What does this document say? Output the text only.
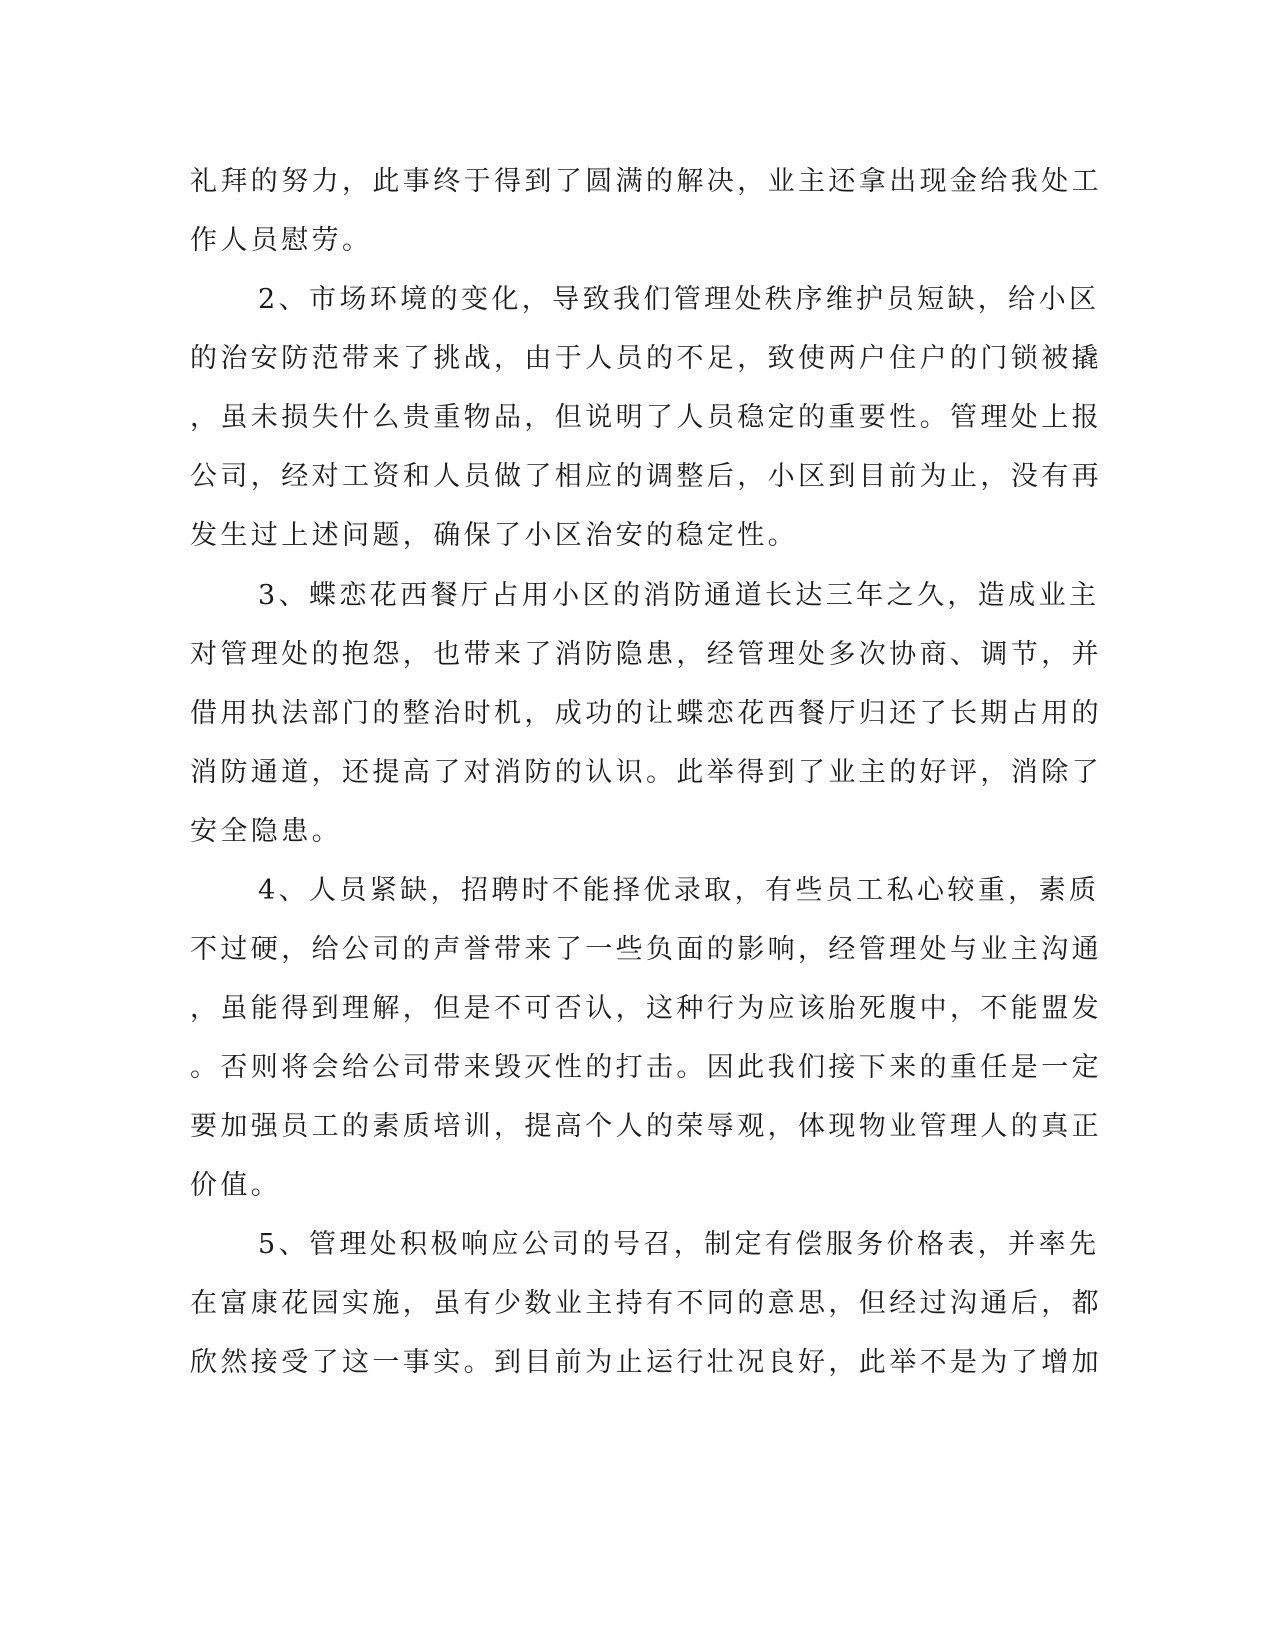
礼拜的努力，此事终于得到了圆满的解决，业主还拿出现金给我处工
作人员慰劳。
2、市场环境的变化，导致我们管理处秩序维护员短缺，给小区
的治安防范带来了挑战，由于人员的不足，致使两户住户的门锁被撬
，虽未损失什么贵重物品，但说明了人员稳定的重要性。管理处上报
公司，经对工资和人员做了相应的调整后，小区到目前为止，没有再
发生过上述问题，确保了小区治安的稳定性。
3、蝶恋花西餐厅占用小区的消防通道长达三年之久，造成业主
对管理处的抱怨，也带来了消防隐患，经管理处多次协商、调节，并
借用执法部门的整治时机，成功的让蝶恋花西餐厅归还了长期占用的
消防通道，还提高了对消防的认识。此举得到了业主的好评，消除了
安全隐患。
4、人员紧缺，招聘时不能择优录取，有些员工私心较重，素质
不过硬，给公司的声誉带来了一些负面的影响，经管理处与业主沟通
，虽能得到理解，但是不可否认，这种行为应该胎死腹中，不能盟发
。否则将会给公司带来毁灭性的打击。因此我们接下来的重任是一定
要加强员工的素质培训，提高个人的荣辱观，体现物业管理人的真正
价值。
5、管理处积极响应公司的号召，制定有偿服务价格表，并率先
在富康花园实施，虽有少数业主持有不同的意思，但经过沟通后，都
欣然接受了这一事实。到目前为止运行壮况良好，此举不是为了增加
